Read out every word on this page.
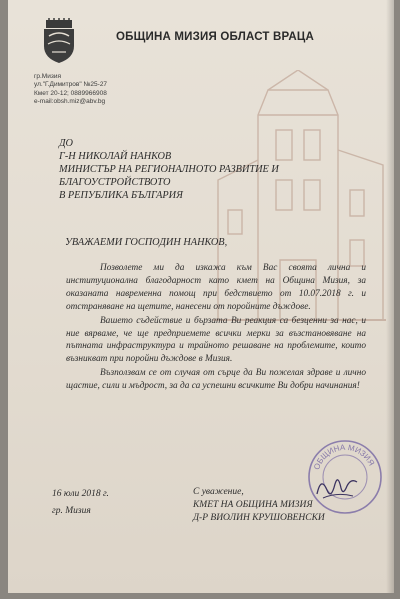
ОБЩИНА МИЗИЯ ОБЛАСТ ВРАЦА
гр.Мизия
ул."Г.Димитров" №25-27
Кмет 20-12; 0889966908
e-mail:obsh.miz@abv.bg
ДО
Г-Н НИКОЛАЙ НАНКОВ
МИНИСТЪР НА РЕГИОНАЛНОТО РАЗВИТИЕ И
БЛАГОУСТРОЙСТВОТО
В РЕПУБЛИКА БЪЛГАРИЯ
УВАЖАЕМИ ГОСПОДИН НАНКОВ,

Позволете ми да изкажа към Вас своята лична и институционална благодарност като кмет на Община Мизия, за оказаната навременна помощ при бедствието от 10.07.2018 г. и отстраняване на щетите, нанесени от поройните дъждове.

Вашето съдействие и бързата Ви реакция са безценни за нас, и ние вярваме, че ще предприемете всички мерки за възстановяване на пътната инфраструктура и трайното решаване на проблемите, които възникват при поройни дъждове в Мизия.

Възползвам се от случая от сърце да Ви пожелая здраве и лично щастие, сили и мъдрост, за да са успешни всичките Ви добри начинания!

16 юли 2018 г.
гр. Мизия
С уважение,
КМЕТ НА ОБЩИНА МИЗИЯ
Д-Р ВИОЛИН КРУШОВЕНСКИ
ОБЩИНА МИЗИЯ
